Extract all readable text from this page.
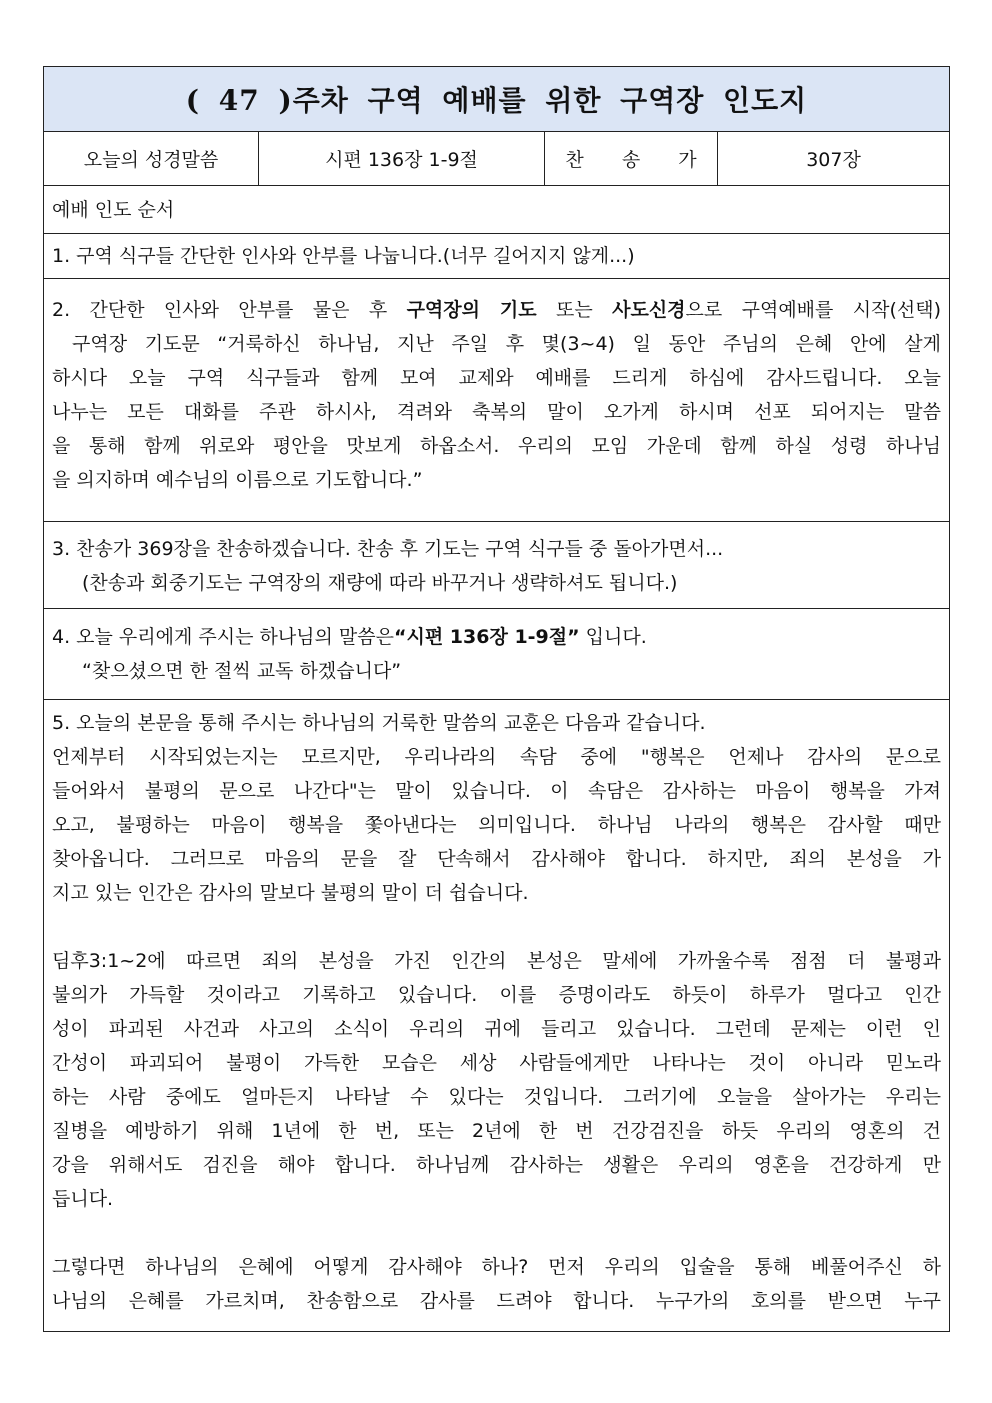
( 47 )주차 구역 예배를 위한 구역장 인도지
오늘의 성경말씀	시편 136장 1-9절	찬 송 가	307장
예배 인도 순서
1. 구역 식구들 간단한 인사와 안부를 나눕니다.(너무 길어지지 않게...)

2. 간단한 인사와 안부를 물은 후 구역장의 기도 또는 사도신경으로 구역예배를 시작(선택)

구역장 기도문 “거룩하신 하나님, 지난 주일 후 몇(3~4) 일 동안 주님의 은혜 안에 살게

하시다 오늘 구역 식구들과 함께 모여 교제와 예배를 드리게 하심에 감사드립니다. 오늘

나누는 모든 대화를 주관 하시사, 격려와 축복의 말이 오가게 하시며 선포 되어지는 말씀

을 통해 함께 위로와 평안을 맛보게 하옵소서. 우리의 모임 가운데 함께 하실 성령 하나님

을 의지하며 예수님의 이름으로 기도합니다.”

3. 찬송가 369장을 찬송하겠습니다. 찬송 후 기도는 구역 식구들 중 돌아가면서...

(찬송과 회중기도는 구역장의 재량에 따라 바꾸거나 생략하셔도 됩니다.)

4. 오늘 우리에게 주시는 하나님의 말씀은“시편 136장 1-9절” 입니다.

“찾으셨으면 한 절씩 교독 하겠습니다”

5. 오늘의 본문을 통해 주시는 하나님의 거룩한 말씀의 교훈은 다음과 같습니다.

언제부터 시작되었는지는 모르지만, 우리나라의 속담 중에 "행복은 언제나 감사의 문으로

들어와서 불평의 문으로 나간다"는 말이 있습니다. 이 속담은 감사하는 마음이 행복을 가져

오고, 불평하는 마음이 행복을 쫓아낸다는 의미입니다. 하나님 나라의 행복은 감사할 때만

찾아옵니다. 그러므로 마음의 문을 잘 단속해서 감사해야 합니다. 하지만, 죄의 본성을 가

지고 있는 인간은 감사의 말보다 불평의 말이 더 쉽습니다.

딤후3:1~2에 따르면 죄의 본성을 가진 인간의 본성은 말세에 가까울수록 점점 더 불평과

불의가 가득할 것이라고 기록하고 있습니다. 이를 증명이라도 하듯이 하루가 멀다고 인간

성이 파괴된 사건과 사고의 소식이 우리의 귀에 들리고 있습니다. 그런데 문제는 이런 인

간성이 파괴되어 불평이 가득한 모습은 세상 사람들에게만 나타나는 것이 아니라 믿노라

하는 사람 중에도 얼마든지 나타날 수 있다는 것입니다. 그러기에 오늘을 살아가는 우리는

질병을 예방하기 위해 1년에 한 번, 또는 2년에 한 번 건강검진을 하듯 우리의 영혼의 건

강을 위해서도 검진을 해야 합니다. 하나님께 감사하는 생활은 우리의 영혼을 건강하게 만

듭니다.

그렇다면 하나님의 은혜에 어떻게 감사해야 하나? 먼저 우리의 입술을 통해 베풀어주신 하

나님의 은혜를 가르치며, 찬송함으로 감사를 드려야 합니다. 누구가의 호의를 받으면 누구
